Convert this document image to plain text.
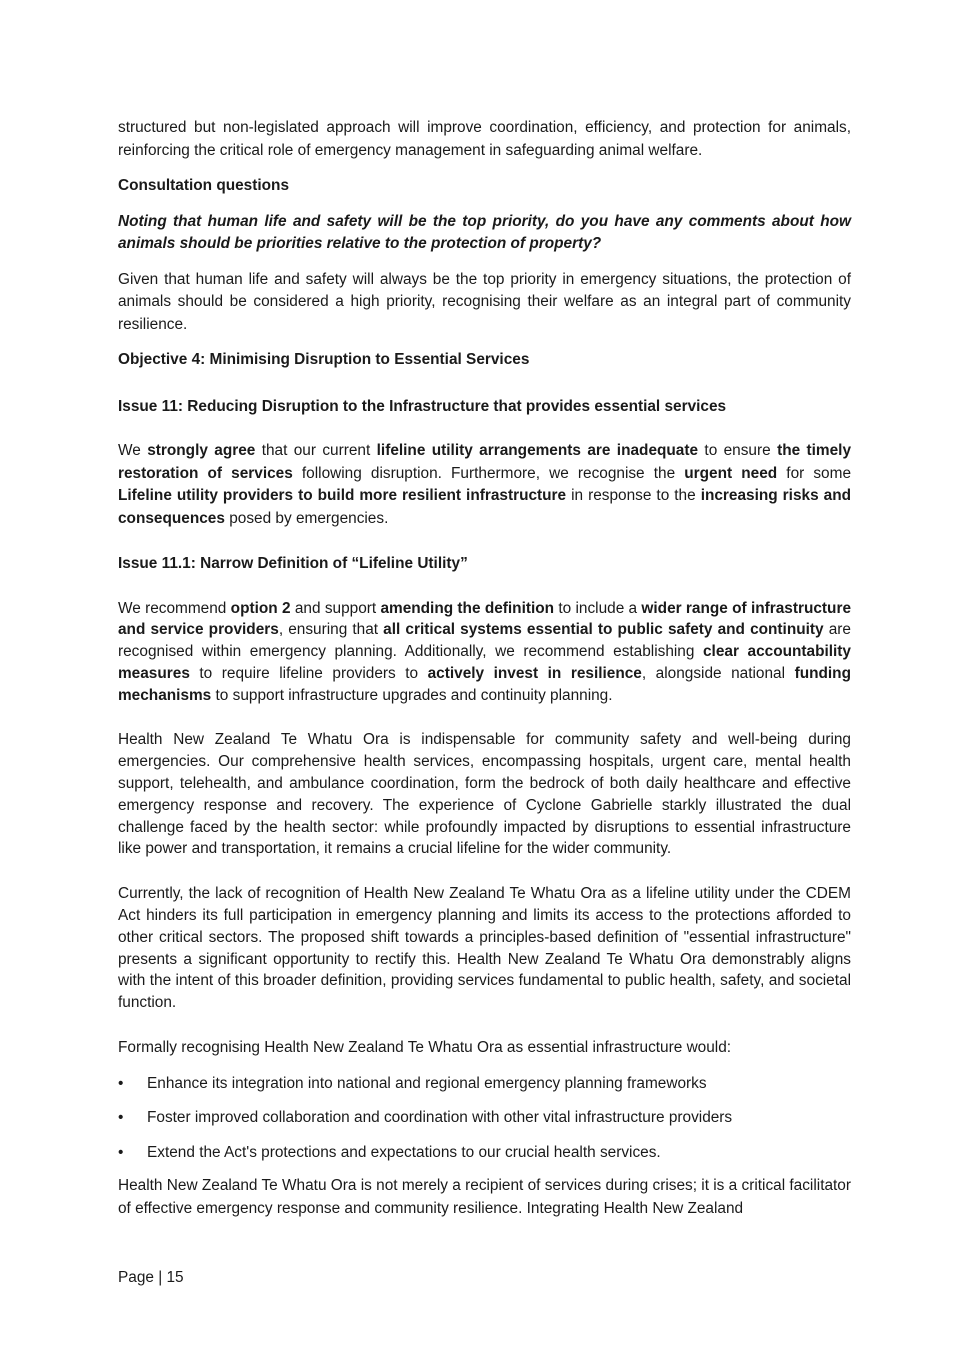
structured but non-legislated approach will improve coordination, efficiency, and protection for animals, reinforcing the critical role of emergency management in safeguarding animal welfare.

Consultation questions

Noting that human life and safety will be the top priority, do you have any comments about how animals should be priorities relative to the protection of property?

Given that human life and safety will always be the top priority in emergency situations, the protection of animals should be considered a high priority, recognising their welfare as an integral part of community resilience.

Objective 4: Minimising Disruption to Essential Services

Issue 11: Reducing Disruption to the Infrastructure that provides essential services

We strongly agree that our current lifeline utility arrangements are inadequate to ensure the timely restoration of services following disruption. Furthermore, we recognise the urgent need for some Lifeline utility providers to build more resilient infrastructure in response to the increasing risks and consequences posed by emergencies.

Issue 11.1: Narrow Definition of “Lifeline Utility”

We recommend option 2 and support amending the definition to include a wider range of infrastructure and service providers, ensuring that all critical systems essential to public safety and continuity are recognised within emergency planning. Additionally, we recommend establishing clear accountability measures to require lifeline providers to actively invest in resilience, alongside national funding mechanisms to support infrastructure upgrades and continuity planning.

Health New Zealand Te Whatu Ora is indispensable for community safety and well-being during emergencies. Our comprehensive health services, encompassing hospitals, urgent care, mental health support, telehealth, and ambulance coordination, form the bedrock of both daily healthcare and effective emergency response and recovery. The experience of Cyclone Gabrielle starkly illustrated the dual challenge faced by the health sector: while profoundly impacted by disruptions to essential infrastructure like power and transportation, it remains a crucial lifeline for the wider community.

Currently, the lack of recognition of Health New Zealand Te Whatu Ora as a lifeline utility under the CDEM Act hinders its full participation in emergency planning and limits its access to the protections afforded to other critical sectors. The proposed shift towards a principles-based definition of "essential infrastructure" presents a significant opportunity to rectify this. Health New Zealand Te Whatu Ora demonstrably aligns with the intent of this broader definition, providing services fundamental to public health, safety, and societal function.

Formally recognising Health New Zealand Te Whatu Ora as essential infrastructure would:

• Enhance its integration into national and regional emergency planning frameworks
• Foster improved collaboration and coordination with other vital infrastructure providers
• Extend the Act's protections and expectations to our crucial health services.

Health New Zealand Te Whatu Ora is not merely a recipient of services during crises; it is a critical facilitator of effective emergency response and community resilience. Integrating Health New Zealand

Page | 15
